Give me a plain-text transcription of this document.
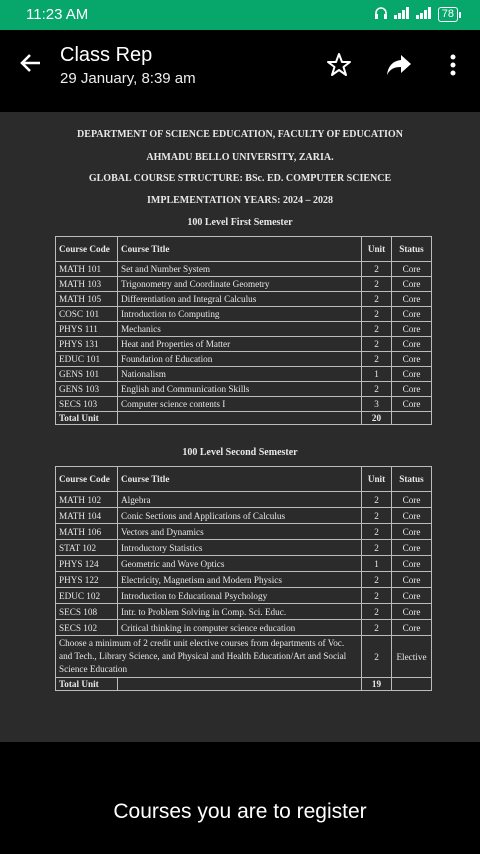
11:23 AM	78
Class Rep
29 January, 8:39 am
DEPARTMENT OF SCIENCE EDUCATION, FACULTY OF EDUCATION
AHMADU BELLO UNIVERSITY, ZARIA.
GLOBAL COURSE STRUCTURE: BSc. ED. COMPUTER SCIENCE
IMPLEMENTATION YEARS: 2024 – 2028
100 Level First Semester
Course Code	Course Title	Unit	Status
MATH 101	Set and Number System	2	Core
MATH 103	Trigonometry and Coordinate Geometry	2	Core
MATH 105	Differentiation and Integral Calculus	2	Core
COSC 101	Introduction to Computing	2	Core
PHYS 111	Mechanics	2	Core
PHYS 131	Heat and Properties of Matter	2	Core
EDUC 101	Foundation of Education	2	Core
GENS 101	Nationalism	1	Core
GENS 103	English and Communication Skills	2	Core
SECS 103	Computer science contents I	3	Core
Total Unit		20	
100 Level Second Semester
Course Code	Course Title	Unit	Status
MATH 102	Algebra	2	Core
MATH 104	Conic Sections and Applications of Calculus	2	Core
MATH 106	Vectors and Dynamics	2	Core
STAT 102	Introductory Statistics	2	Core
PHYS 124	Geometric and Wave Optics	1	Core
PHYS 122	Electricity, Magnetism and Modern Physics	2	Core
EDUC 102	Introduction to Educational Psychology	2	Core
SECS 108	Intr. to Problem Solving in Comp. Sci. Educ.	2	Core
SECS 102	Critical thinking in computer science education	2	Core
Choose a minimum of 2 credit unit elective courses from departments of Voc. and Tech., Library Science, and Physical and Health Education/Art and Social Science Education		2	Elective
Total Unit		19	
Courses you are to register
